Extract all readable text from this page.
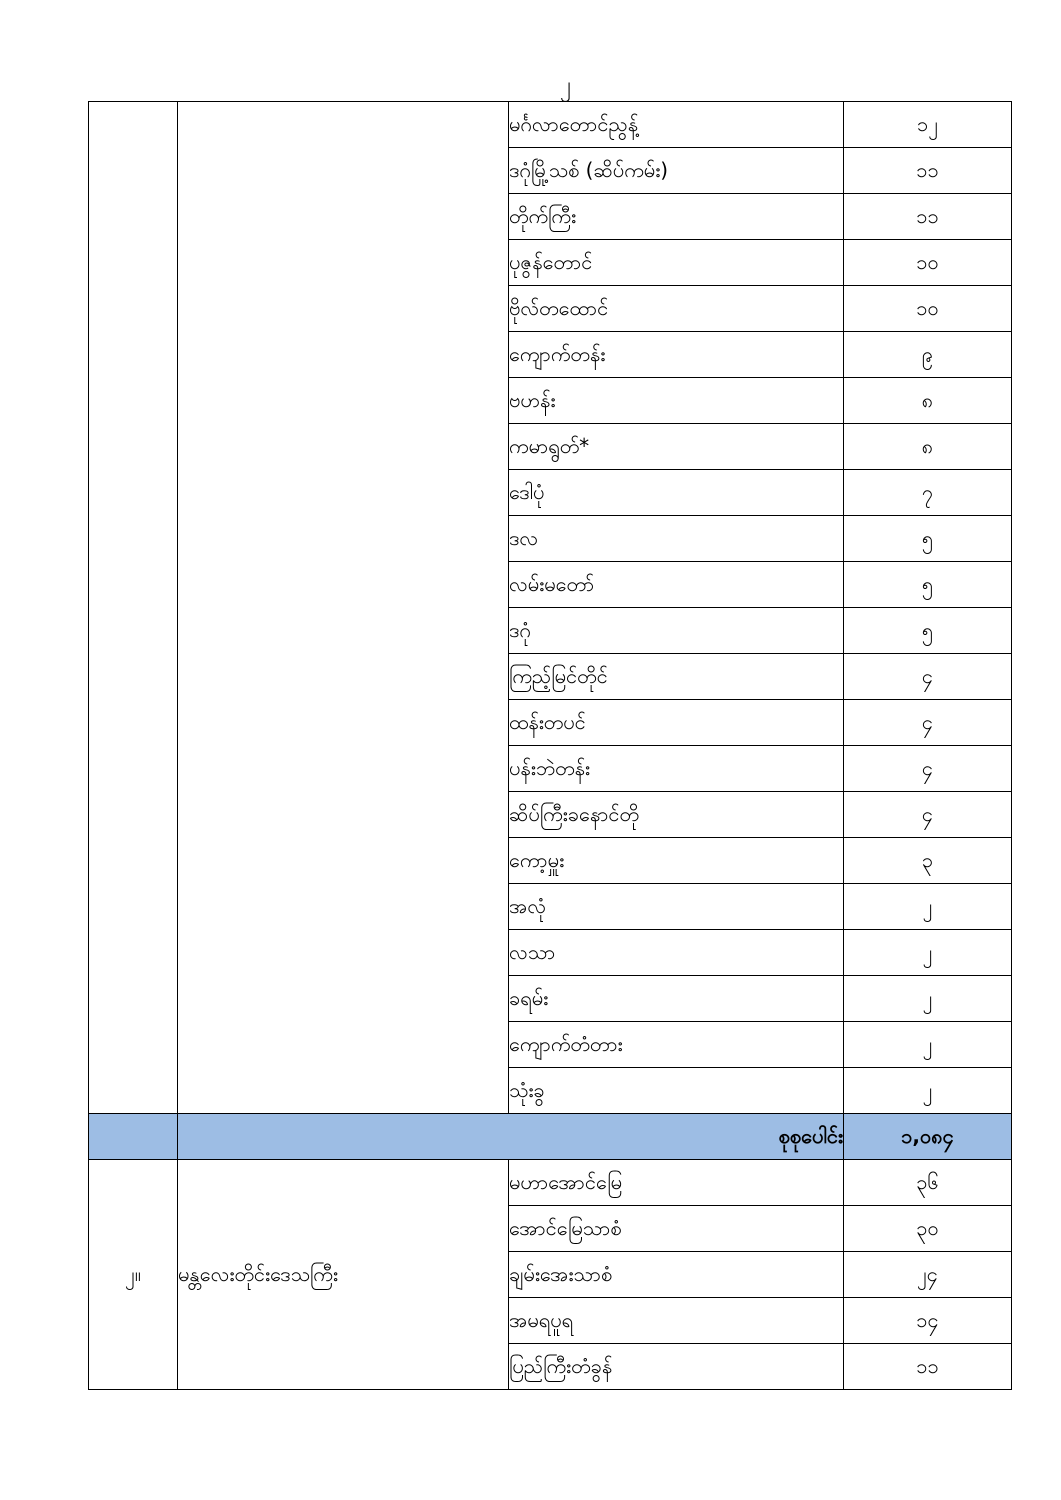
၂
		မင်္ဂလာတောင်ညွန့်	၁၂
		ဒဂုံမြို့သစ် (ဆိပ်ကမ်း)	၁၁
		တိုက်ကြီး	၁၁
		ပုဇွန်တောင်	၁၀
		ဗိုလ်တထောင်	၁၀
		ကျောက်တန်း	၉
		ဗဟန်း	၈
		ကမာရွတ်*	၈
		ဒေါပုံ	၇
		ဒလ	၅
		လမ်းမတော်	၅
		ဒဂုံ	၅
		ကြည့်မြင်တိုင်	၄
		ထန်းတပင်	၄
		ပန်းဘဲတန်း	၄
		ဆိပ်ကြီးခနောင်တို	၄
		ကော့မှူး	၃
		အလုံ	၂
		လသာ	၂
		ခရမ်း	၂
		ကျောက်တံတား	၂
		သုံးခွ	၂
	စုစုပေါင်း		၁,၀၈၄
၂။	မန္တလေးတိုင်းဒေသကြီး	မဟာအောင်မြေ	၃၆
		အောင်မြေသာစံ	၃၀
		ချမ်းအေးသာစံ	၂၄
		အမရပူရ	၁၄
		ပြည်ကြီးတံခွန်	၁၁
